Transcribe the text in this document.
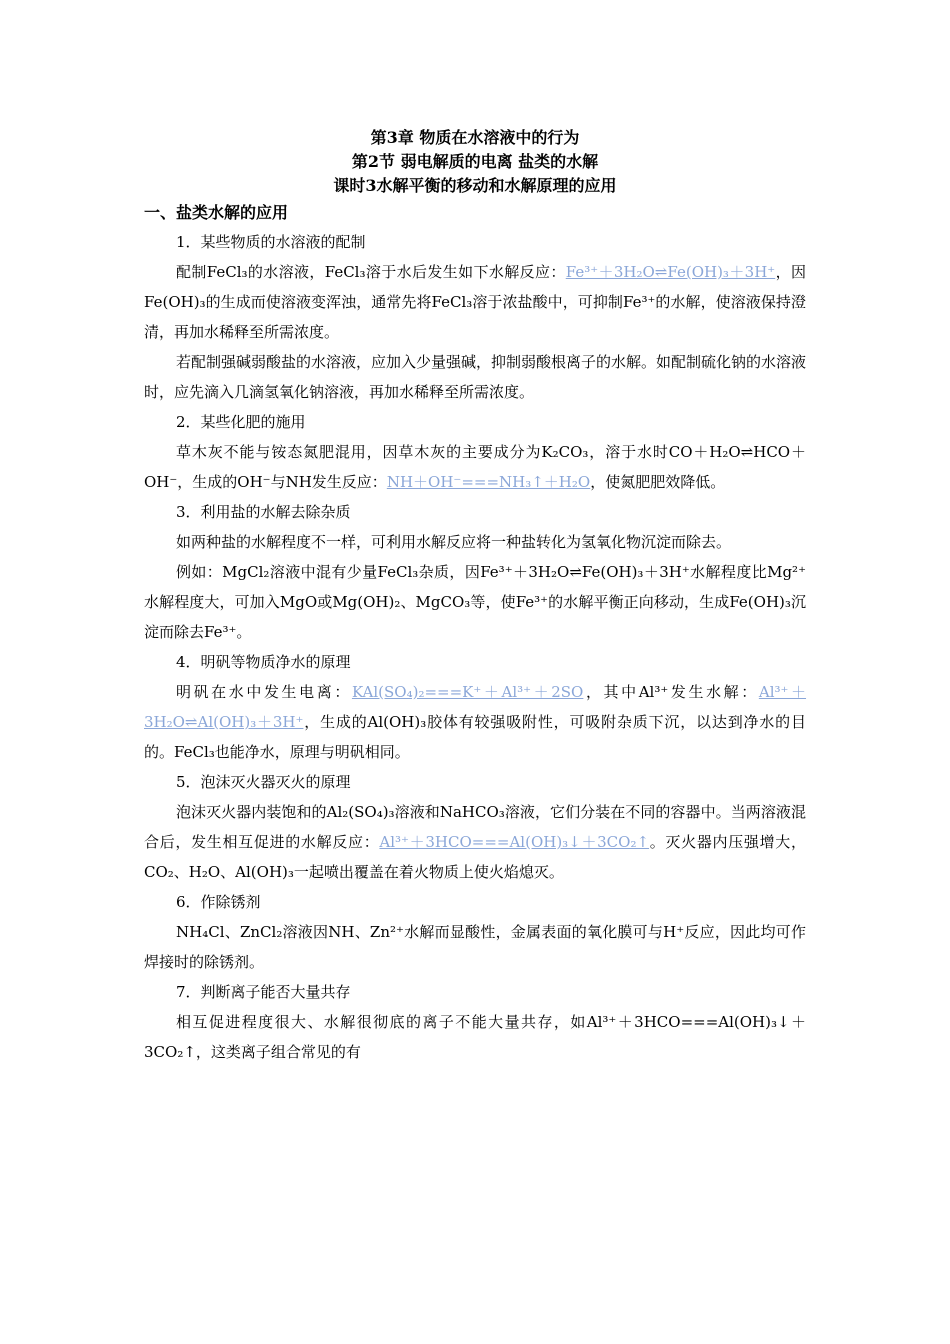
第3章 物质在水溶液中的行为

第2节 弱电解质的电离 盐类的水解

课时3水解平衡的移动和水解原理的应用

一、盐类水解的应用

1．某些物质的水溶液的配制

配制FeCl₃的水溶液，FeCl₃溶于水后发生如下水解反应：Fe³⁺＋3H₂O⇌Fe(OH)₃＋3H⁺，因Fe(OH)₃的生成而使溶液变浑浊，通常先将FeCl₃溶于浓盐酸中，可抑制Fe³⁺的水解，使溶液保持澄清，再加水稀释至所需浓度。

若配制强碱弱酸盐的水溶液，应加入少量强碱，抑制弱酸根离子的水解。如配制硫化钠的水溶液时，应先滴入几滴氢氧化钠溶液，再加水稀释至所需浓度。

2．某些化肥的施用

草木灰不能与铵态氮肥混用，因草木灰的主要成分为K₂CO₃，溶于水时CO＋H₂O⇌HCO＋OH⁻，生成的OH⁻与NH发生反应：NH＋OH⁻===NH₃↑＋H₂O，使氮肥肥效降低。

3．利用盐的水解去除杂质

如两种盐的水解程度不一样，可利用水解反应将一种盐转化为氢氧化物沉淀而除去。

例如：MgCl₂溶液中混有少量FeCl₃杂质，因Fe³⁺＋3H₂O⇌Fe(OH)₃＋3H⁺水解程度比Mg²⁺水解程度大，可加入MgO或Mg(OH)₂、MgCO₃等，使Fe³⁺的水解平衡正向移动，生成Fe(OH)₃沉淀而除去Fe³⁺。

4．明矾等物质净水的原理

明矾在水中发生电离：KAl(SO₄)₂===K⁺＋Al³⁺＋2SO，其中Al³⁺发生水解：Al³⁺＋3H₂O⇌Al(OH)₃＋3H⁺，生成的Al(OH)₃胶体有较强吸附性，可吸附杂质下沉，以达到净水的目的。FeCl₃也能净水，原理与明矾相同。

5．泡沫灭火器灭火的原理

泡沫灭火器内装饱和的Al₂(SO₄)₃溶液和NaHCO₃溶液，它们分装在不同的容器中。当两溶液混合后，发生相互促进的水解反应：Al³⁺＋3HCO===Al(OH)₃↓＋3CO₂↑。灭火器内压强增大，CO₂、H₂O、Al(OH)₃一起喷出覆盖在着火物质上使火焰熄灭。

6．作除锈剂

NH₄Cl、ZnCl₂溶液因NH、Zn²⁺水解而显酸性，金属表面的氧化膜可与H⁺反应，因此均可作焊接时的除锈剂。

7．判断离子能否大量共存

相互促进程度很大、水解很彻底的离子不能大量共存，如Al³⁺＋3HCO===Al(OH)₃↓＋3CO₂↑，这类离子组合常见的有
